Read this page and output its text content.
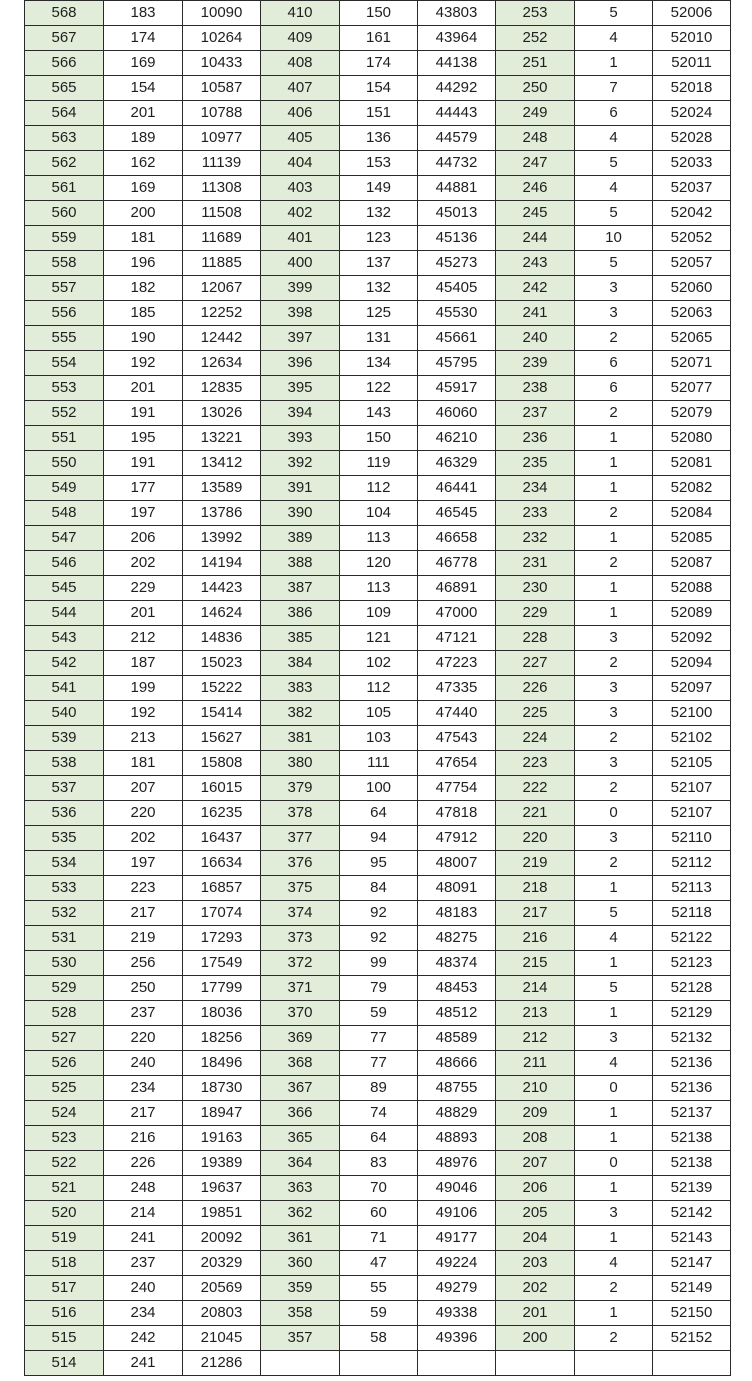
568	183	10090	410	150	43803	253	5	52006
567	174	10264	409	161	43964	252	4	52010
566	169	10433	408	174	44138	251	1	52011
565	154	10587	407	154	44292	250	7	52018
564	201	10788	406	151	44443	249	6	52024
563	189	10977	405	136	44579	248	4	52028
562	162	11139	404	153	44732	247	5	52033
561	169	11308	403	149	44881	246	4	52037
560	200	11508	402	132	45013	245	5	52042
559	181	11689	401	123	45136	244	10	52052
558	196	11885	400	137	45273	243	5	52057
557	182	12067	399	132	45405	242	3	52060
556	185	12252	398	125	45530	241	3	52063
555	190	12442	397	131	45661	240	2	52065
554	192	12634	396	134	45795	239	6	52071
553	201	12835	395	122	45917	238	6	52077
552	191	13026	394	143	46060	237	2	52079
551	195	13221	393	150	46210	236	1	52080
550	191	13412	392	119	46329	235	1	52081
549	177	13589	391	112	46441	234	1	52082
548	197	13786	390	104	46545	233	2	52084
547	206	13992	389	113	46658	232	1	52085
546	202	14194	388	120	46778	231	2	52087
545	229	14423	387	113	46891	230	1	52088
544	201	14624	386	109	47000	229	1	52089
543	212	14836	385	121	47121	228	3	52092
542	187	15023	384	102	47223	227	2	52094
541	199	15222	383	112	47335	226	3	52097
540	192	15414	382	105	47440	225	3	52100
539	213	15627	381	103	47543	224	2	52102
538	181	15808	380	111	47654	223	3	52105
537	207	16015	379	100	47754	222	2	52107
536	220	16235	378	64	47818	221	0	52107
535	202	16437	377	94	47912	220	3	52110
534	197	16634	376	95	48007	219	2	52112
533	223	16857	375	84	48091	218	1	52113
532	217	17074	374	92	48183	217	5	52118
531	219	17293	373	92	48275	216	4	52122
530	256	17549	372	99	48374	215	1	52123
529	250	17799	371	79	48453	214	5	52128
528	237	18036	370	59	48512	213	1	52129
527	220	18256	369	77	48589	212	3	52132
526	240	18496	368	77	48666	211	4	52136
525	234	18730	367	89	48755	210	0	52136
524	217	18947	366	74	48829	209	1	52137
523	216	19163	365	64	48893	208	1	52138
522	226	19389	364	83	48976	207	0	52138
521	248	19637	363	70	49046	206	1	52139
520	214	19851	362	60	49106	205	3	52142
519	241	20092	361	71	49177	204	1	52143
518	237	20329	360	47	49224	203	4	52147
517	240	20569	359	55	49279	202	2	52149
516	234	20803	358	59	49338	201	1	52150
515	242	21045	357	58	49396	200	2	52152
514	241	21286						
